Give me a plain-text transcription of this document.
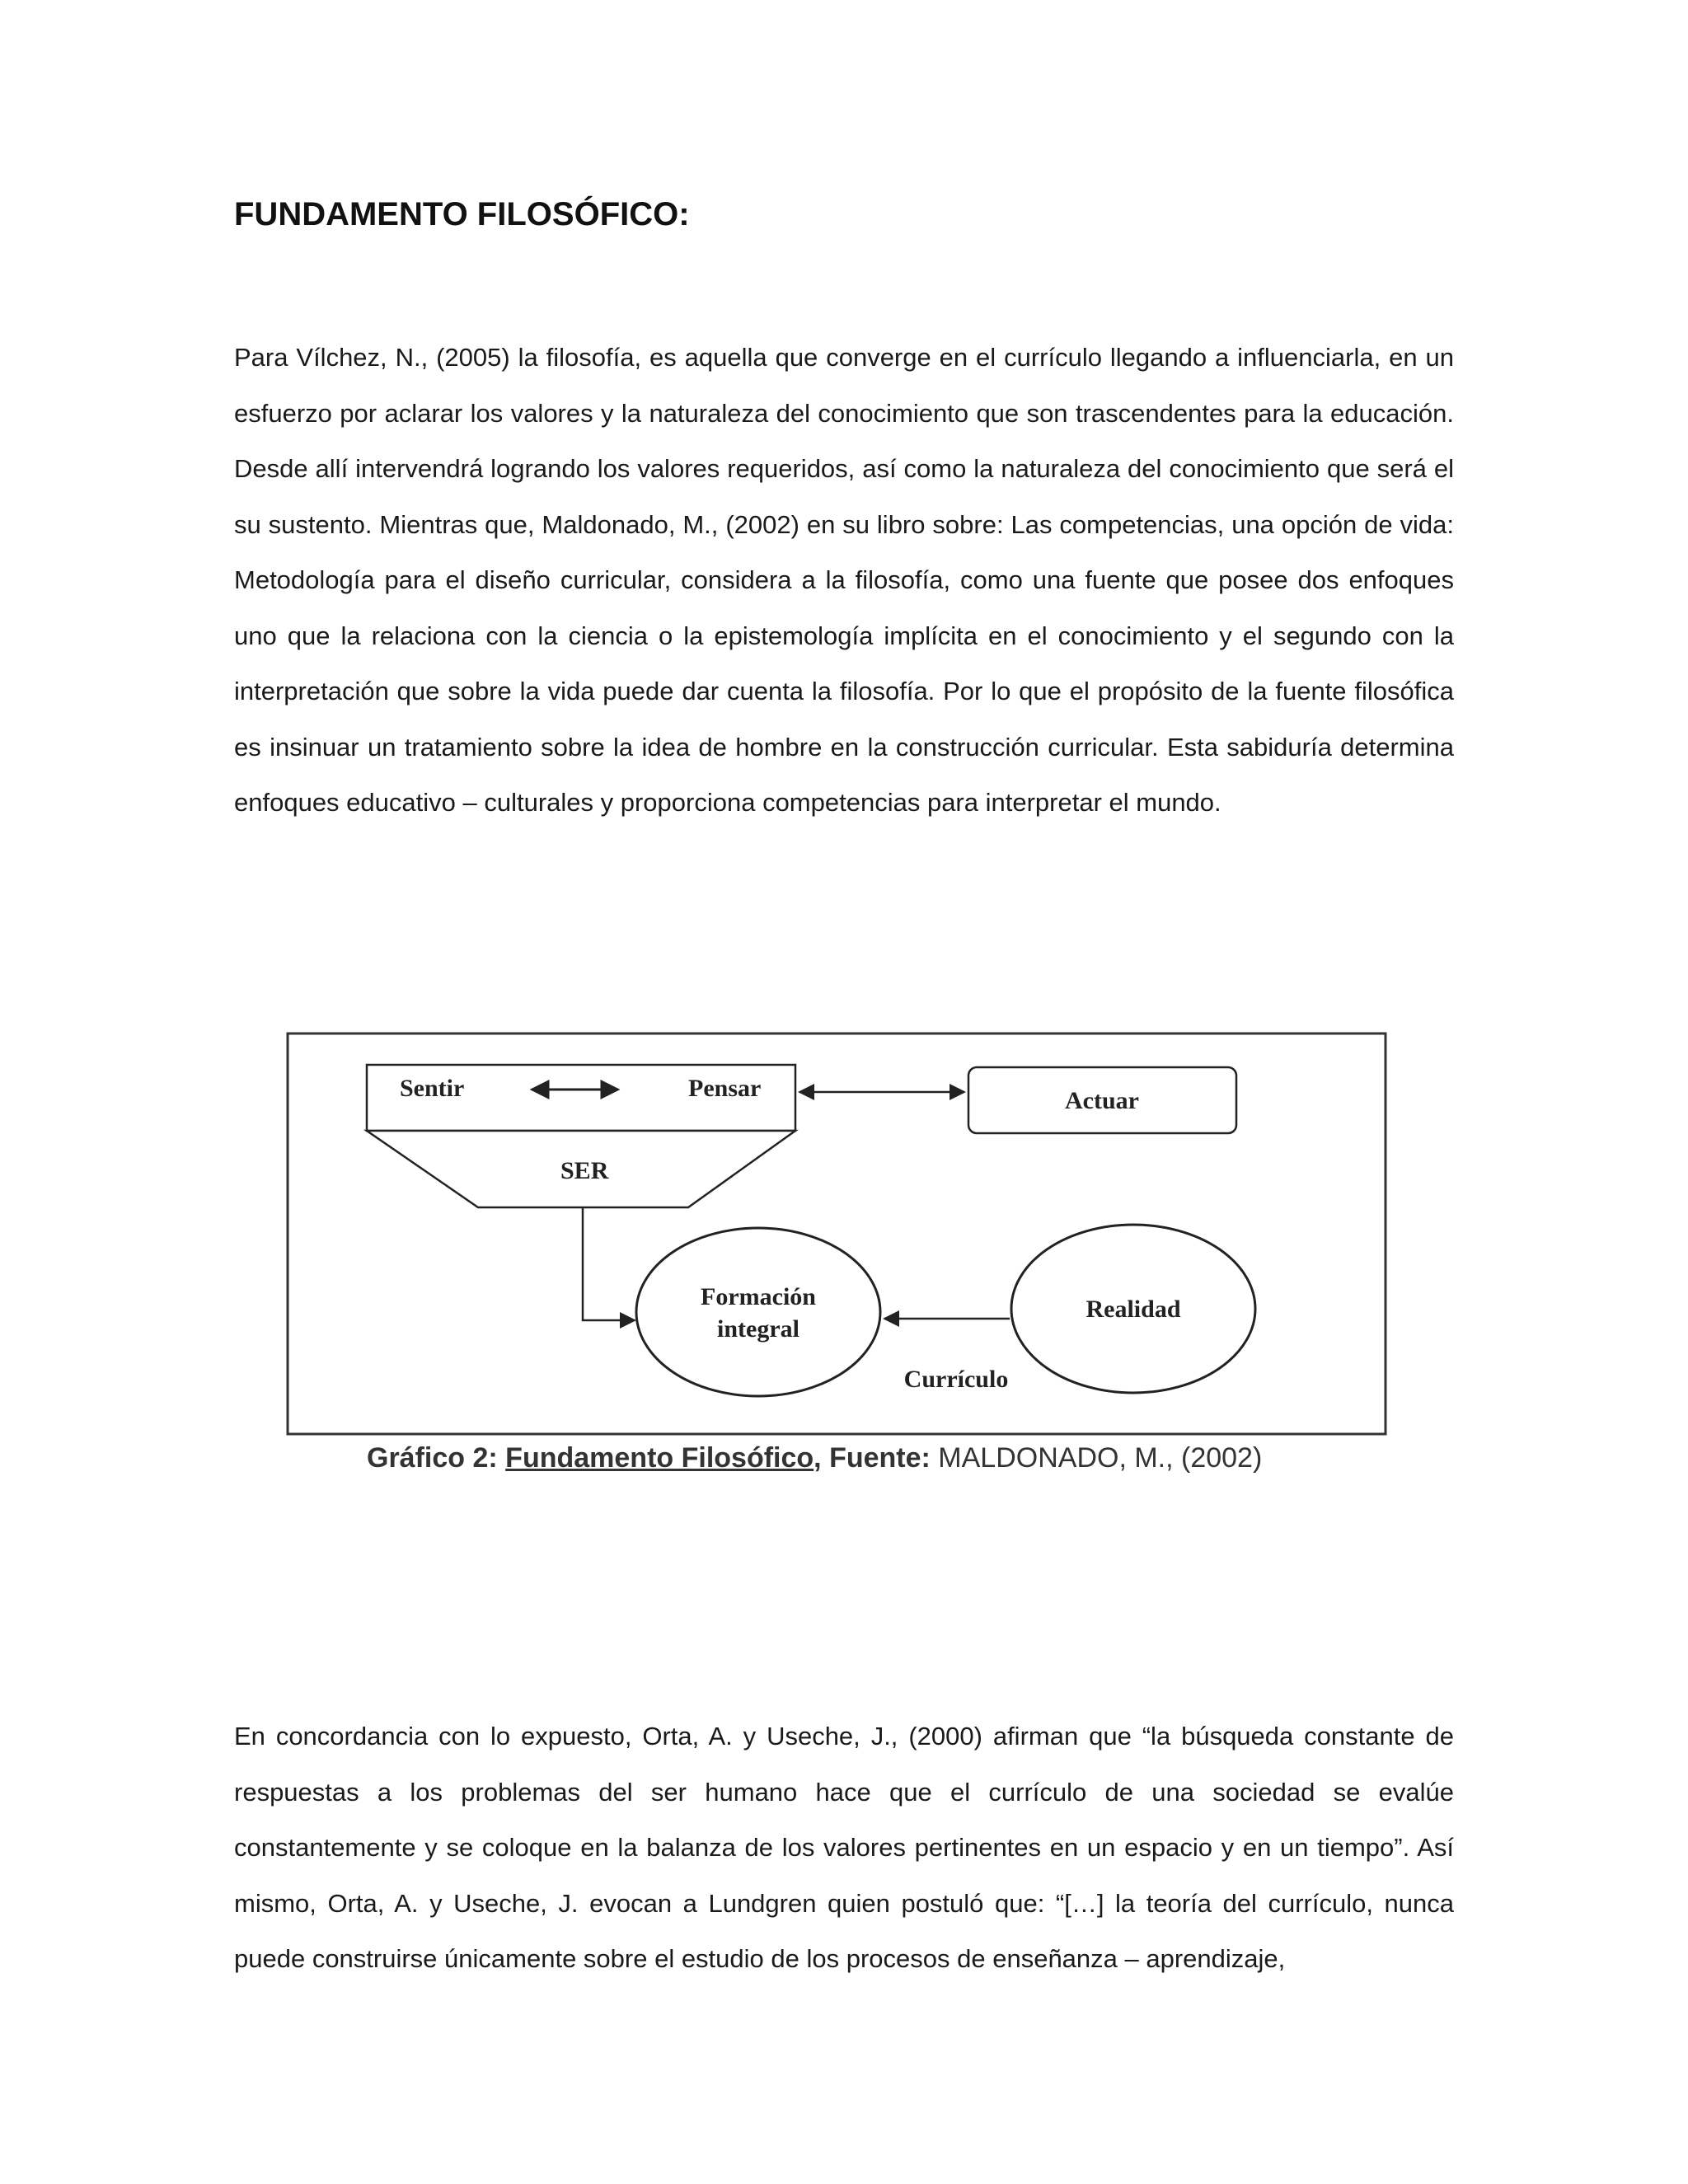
FUNDAMENTO FILOSÓFICO:

Para Vílchez, N., (2005) la filosofía, es aquella que converge en el currículo llegando a influenciarla, en un esfuerzo por aclarar los valores y la naturaleza del conocimiento que son trascendentes para la educación. Desde allí intervendrá logrando los valores requeridos, así como la naturaleza del conocimiento que será el su sustento. Mientras que, Maldonado, M., (2002) en su libro sobre: Las competencias, una opción de vida: Metodología para el diseño curricular, considera a la filosofía, como una fuente que posee dos enfoques uno que la relaciona con la ciencia o la epistemología implícita en el conocimiento y el segundo con la interpretación que sobre la vida puede dar cuenta la filosofía. Por lo que el propósito de la fuente filosófica es insinuar un tratamiento sobre la idea de hombre en la construcción curricular. Esta sabiduría determina enfoques educativo – culturales y proporciona competencias para interpretar el mundo.

Sentir	Pensar	Actuar
SER
Formación
integral
Realidad
Currículo
Gráfico 2: Fundamento Filosófico, Fuente: MALDONADO, M., (2002)

En concordancia con lo expuesto, Orta, A. y Useche, J., (2000) afirman que “la búsqueda constante de respuestas a los problemas del ser humano hace que el currículo de una sociedad se evalúe constantemente y se coloque en la balanza de los valores pertinentes en un espacio y en un tiempo”. Así mismo, Orta, A. y Useche, J. evocan a Lundgren quien postuló que: “[…] la teoría del currículo, nunca puede construirse únicamente sobre el estudio de los procesos de enseñanza – aprendizaje,
